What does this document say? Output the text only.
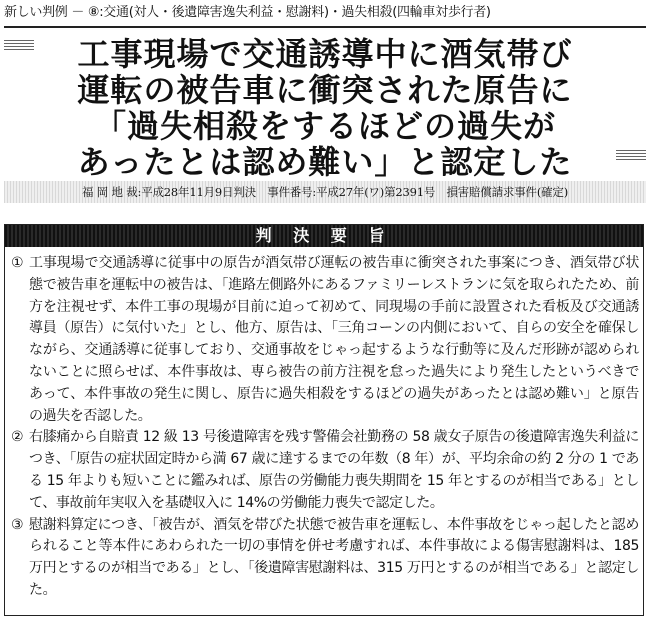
新しい判例 － ⑧:交通(対人・後遺障害逸失利益・慰謝料)・過失相殺(四輪車対歩行者)
工事現場で交通誘導中に酒気帯び
運転の被告車に衝突された原告に
「過失相殺をするほどの過失が
あったとは認め難い」と認定した
福 岡 地 裁:平成28年11月9日判決　事件番号:平成27年(ワ)第2391号　損害賠償請求事件(確定)
判 決 要 旨
① 工事現場で交通誘導に従事中の原告が酒気帯び運転の被告車に衝突された事案につき、酒気帯び状態で被告車を運転中の被告は、「進路左側路外にあるファミリーレストランに気を取られたため、前方を注視せず、本件工事の現場が目前に迫って初めて、同現場の手前に設置された看板及び交通誘導員（原告）に気付いた」とし、他方、原告は、「三角コーンの内側において、自らの安全を確保しながら、交通誘導に従事しており、交通事故をじゃっ起するような行動等に及んだ形跡が認められないことに照らせば、本件事故は、専ら被告の前方注視を怠った過失により発生したというべきであって、本件事故の発生に関し、原告に過失相殺をするほどの過失があったとは認め難い」と原告の過失を否認した。
② 右膝痛から自賠責 12 級 13 号後遺障害を残す警備会社勤務の 58 歳女子原告の後遺障害逸失利益につき、「原告の症状固定時から満 67 歳に達するまでの年数（8 年）が、平均余命の約 2 分の 1 である 15 年よりも短いことに鑑みれば、原告の労働能力喪失期間を 15 年とするのが相当である」として、事故前年実収入を基礎収入に 14%の労働能力喪失で認定した。
③ 慰謝料算定につき、「被告が、酒気を帯びた状態で被告車を運転し、本件事故をじゃっ起したと認められること等本件にあわられた一切の事情を併せ考慮すれば、本件事故による傷害慰謝料は、185 万円とするのが相当である」とし、「後遺障害慰謝料は、315 万円とするのが相当である」と認定した。
